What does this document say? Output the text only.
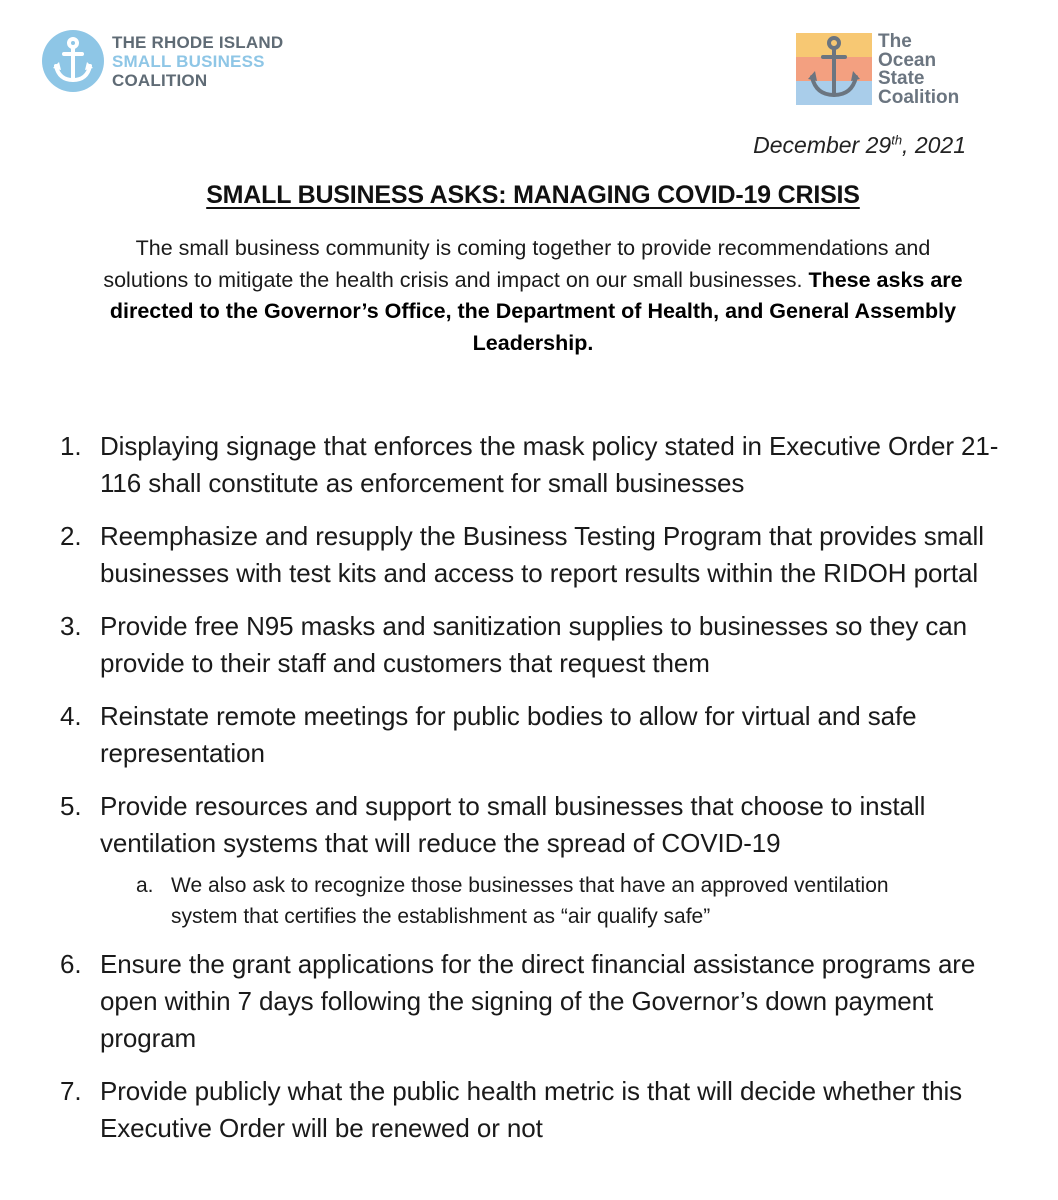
THE RHODE ISLAND
SMALL BUSINESS
COALITION
The
Ocean
State
Coalition
December 29th, 2021
SMALL BUSINESS ASKS: MANAGING COVID-19 CRISIS
The small business community is coming together to provide recommendations and solutions to mitigate the health crisis and impact on our small businesses. These asks are directed to the Governor’s Office, the Department of Health, and General Assembly Leadership.
1. Displaying signage that enforces the mask policy stated in Executive Order 21-116 shall constitute as enforcement for small businesses
2. Reemphasize and resupply the Business Testing Program that provides small businesses with test kits and access to report results within the RIDOH portal
3. Provide free N95 masks and sanitization supplies to businesses so they can provide to their staff and customers that request them
4. Reinstate remote meetings for public bodies to allow for virtual and safe representation
5. Provide resources and support to small businesses that choose to install ventilation systems that will reduce the spread of COVID-19
a. We also ask to recognize those businesses that have an approved ventilation system that certifies the establishment as “air qualify safe”
6. Ensure the grant applications for the direct financial assistance programs are open within 7 days following the signing of the Governor’s down payment program
7. Provide publicly what the public health metric is that will decide whether this Executive Order will be renewed or not
